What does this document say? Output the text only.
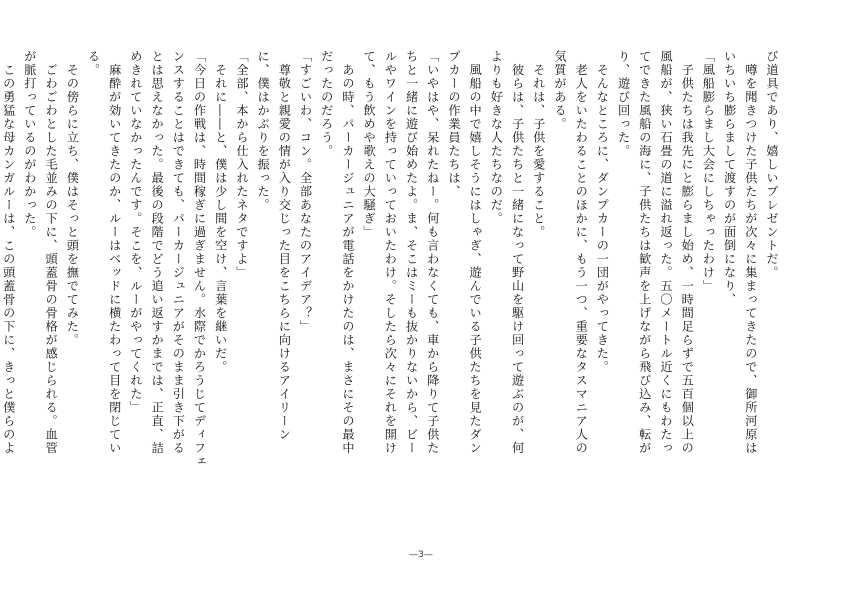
び道具であり、嬉しいプレゼントだ。

　噂を聞きつけた子供たちが次々に集まってきたので、御所河原は

いちいち膨らまして渡すのが面倒になり、

「風船膨らまし大会にしちゃったわけ」

　子供たちは我先にと膨らまし始め、一時間足らずで五百個以上の

風船が、狭い石畳の道に溢れ返った。五〇メートル近くにもわたっ

てできた風船の海に、子供たちは歓声を上げながら飛び込み、転が

り、遊び回った。

　そんなところに、ダンプカーの一団がやってきた。

　老人をいたわることのほかに、もう一つ、重要なタスマニア人の

気質がある。

　それは、子供を愛すること。

　彼らは、子供たちと一緒になって野山を駆け回って遊ぶのが、何

よりも好きな人たちなのだ。

　風船の中で嬉しそうにはしゃぎ、遊んでいる子供たちを見たダン

プカーの作業員たちは、

「いやはや、呆れたねー。何も言わなくても、車から降りて子供た

ちと一緒に遊び始めたよ。ま、そこはミーも抜かりないから、ビー

ルやワインを持っていっておいたわけ。そしたら次々にそれを開け

て、もう飲めや歌えの大騒ぎ」

　あの時、パーカージュニアが電話をかけたのは、まさにその最中

だったのだろう。

「すごいわ、コン。全部あなたのアイデア？」

　尊敬と親愛の情が入り交じった目をこちらに向けるアイリーン

に、僕はかぶりを振った。

「全部、本から仕入れたネタですよ」

　それに――と、僕は少し間を空け、言葉を継いだ。

「今日の作戦は、時間稼ぎに過ぎません。水際でかろうじてディフェ

ンスすることはできても、パーカージュニアがそのまま引き下がる

とは思えなかった。最後の段階でどう追い返すかまでは、正直、詰

めきれていなかったんです。そこを、ルーがやってくれた」

　麻酔が効いてきたのか、ルーはベッドに横たわって目を閉じてい

る。

　その傍らに立ち、僕はそっと頭を撫でてみた。

　ごわごわとした毛並みの下に、頭蓋骨の骨格が感じられる。血管

が脈打っているのがわかった。

　この勇猛な母カンガルーは、この頭蓋骨の下に、きっと僕らのよ

—3—
